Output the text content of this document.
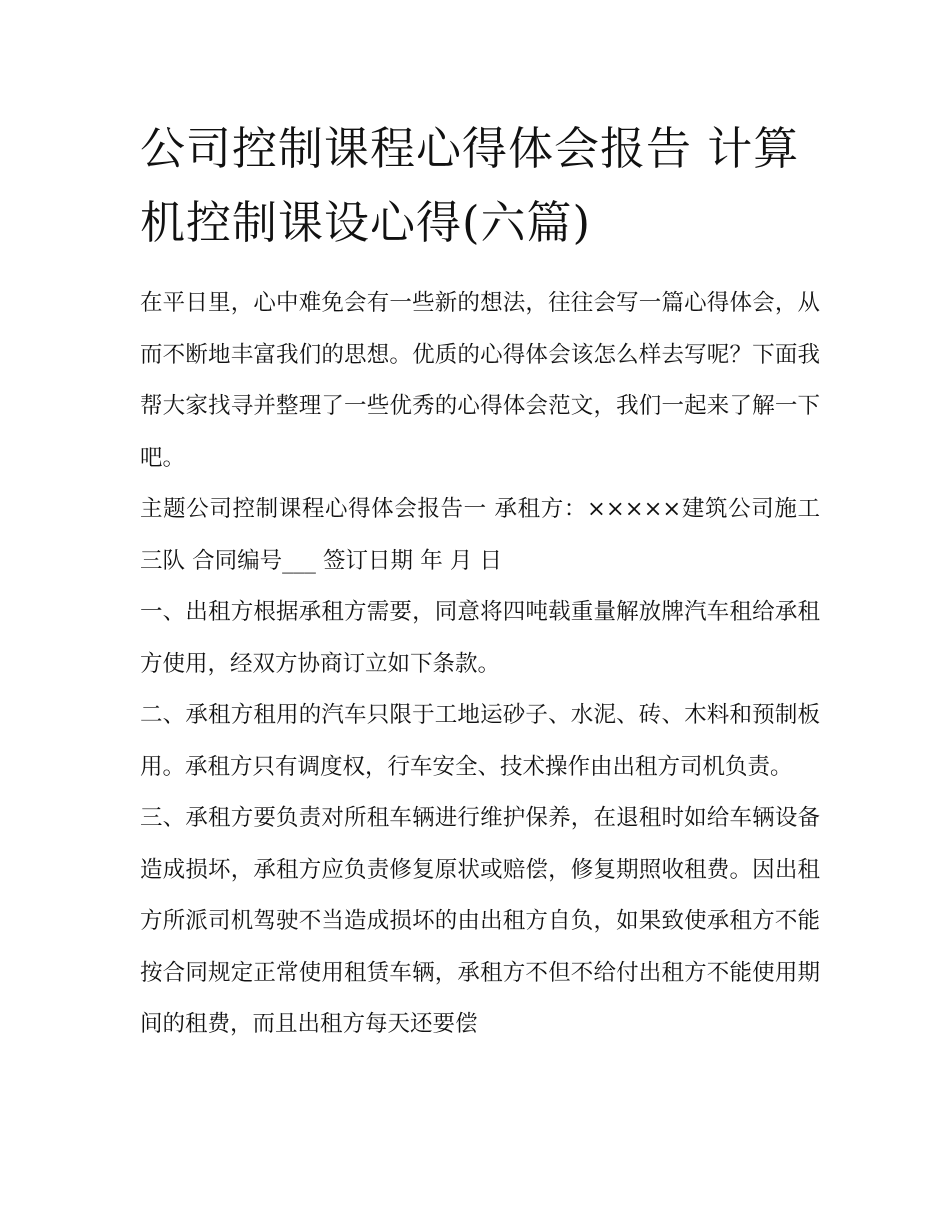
公司控制课程心得体会报告 计算机控制课设心得(六篇)

在平日里，心中难免会有一些新的想法，往往会写一篇心得体会，从而不断地丰富我们的思想。优质的心得体会该怎么样去写呢？下面我帮大家找寻并整理了一些优秀的心得体会范文，我们一起来了解一下吧。

主题公司控制课程心得体会报告一 承租方：×××××建筑公司施工三队 合同编号___ 签订日期 年 月 日

一、出租方根据承租方需要，同意将四吨载重量解放牌汽车租给承租方使用，经双方协商订立如下条款。

二、承租方租用的汽车只限于工地运砂子、水泥、砖、木料和预制板用。承租方只有调度权，行车安全、技术操作由出租方司机负责。

三、承租方要负责对所租车辆进行维护保养，在退租时如给车辆设备造成损坏，承租方应负责修复原状或赔偿，修复期照收租费。因出租方所派司机驾驶不当造成损坏的由出租方自负，如果致使承租方不能按合同规定正常使用租赁车辆，承租方不但不给付出租方不能使用期间的租费，而且出租方每天还要偿
